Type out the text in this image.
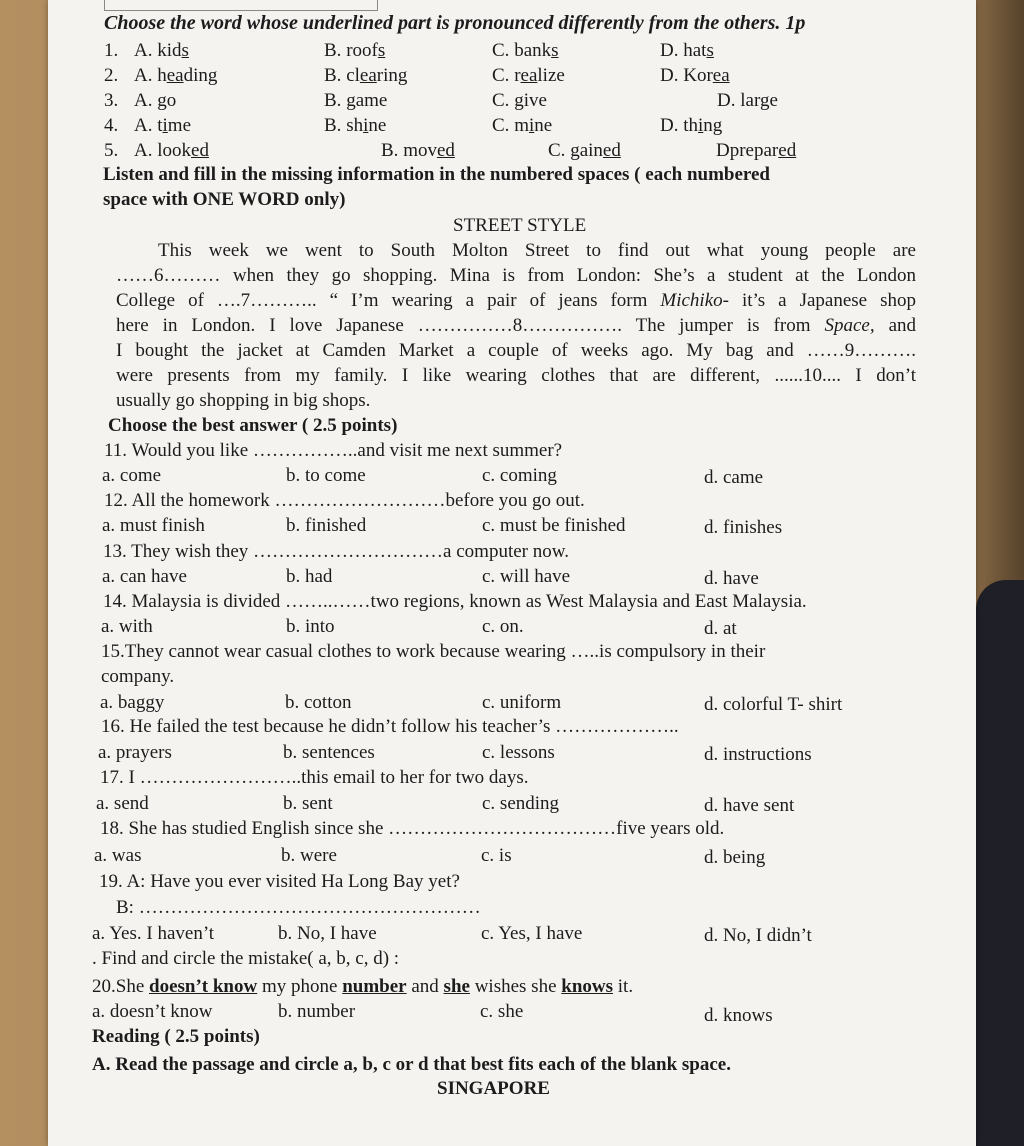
Choose the word whose underlined part is pronounced differently from the others. 1p
1. A. kids	B. roofs	C. banks	D. hats
2. A. heading	B. clearing	C. realize	D. Korea
3. A. go	B. game	C. give	D. large
4. A. time	B. shine	C. mine	D. thing
5. A. looked	B. moved	C. gained	Dprepared
Listen and fill in the missing information in the numbered spaces ( each numbered
space with ONE WORD only)
STREET STYLE
This week we went to South Molton Street to find out what young people are
……6……… when they go shopping. Mina is from London: She’s a student at the London
College of ….7……….. “ I’m wearing a pair of jeans form Michiko- it’s a Japanese shop
here in London. I love Japanese ……………8……………. The jumper is from Space, and
I bought the jacket at Camden Market a couple of weeks ago. My bag and ……9……….
were presents from my family. I like wearing clothes that are different, ......10.... I don’t
usually go shopping in big shops.
Choose the best answer ( 2.5 points)
11. Would you like ……………..and visit me next summer?
a. come	b. to come	c. coming	d. came
12. All the homework ………………………before you go out.
a. must finish	b. finished	c. must be finished	d. finishes
13. They wish they …………………………a computer now.
a. can have	b. had	c. will have	d. have
14. Malaysia is divided ……..……two regions, known as West Malaysia and East Malaysia.
a. with	b. into	c. on.	d. at
15.They cannot wear casual clothes to work because wearing …..is compulsory in their
company.
a. baggy	b. cotton	c. uniform	d. colorful T- shirt
16. He failed the test because he didn’t follow his teacher’s ………………..
a. prayers	b. sentences	c. lessons	d. instructions
17. I ……………………..this email to her for two days.
a. send	b. sent	c. sending	d. have sent
18. She has studied English since she ………………………………five years old.
a. was	b. were	c. is	d. being
19. A: Have you ever visited Ha Long Bay yet?
B: ………………………………………………
a. Yes. I haven’t	b. No, I have	c. Yes, I have	d. No, I didn’t
. Find and circle the mistake( a, b, c, d) :
20.She doesn’t know my phone number and she wishes she knows it.
a. doesn’t know	b. number	c. she	d. knows
Reading ( 2.5 points)
A. Read the passage and circle a, b, c or d that best fits each of the blank space.
SINGAPORE
